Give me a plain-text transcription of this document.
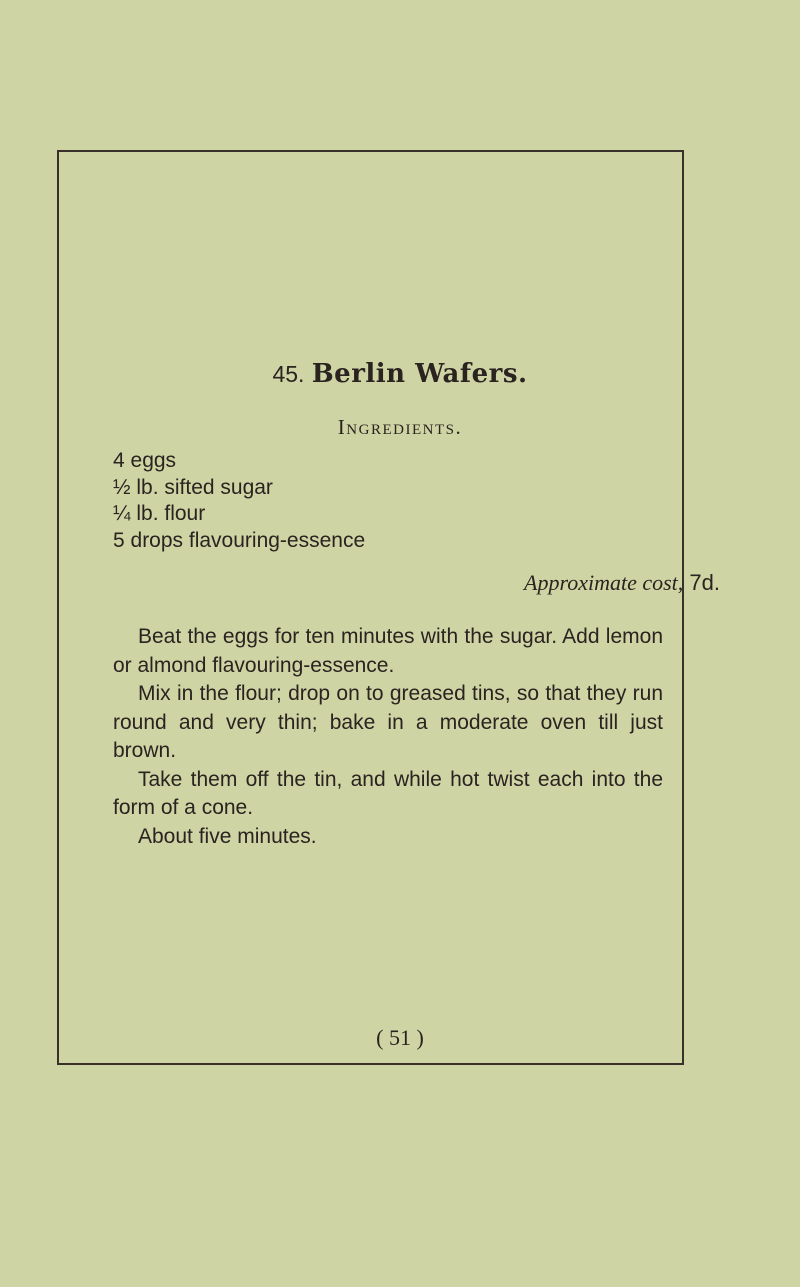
45. Berlin Wafers.
Ingredients.
4 eggs
½ lb. sifted sugar
¼ lb. flour
5 drops flavouring-essence
Approximate cost, 7d.

Beat the eggs for ten minutes with the sugar. Add lemon or almond flavouring-essence.

Mix in the flour; drop on to greased tins, so that they run round and very thin; bake in a moderate oven till just brown.

Take them off the tin, and while hot twist each into the form of a cone.

About five minutes.

( 51 )
